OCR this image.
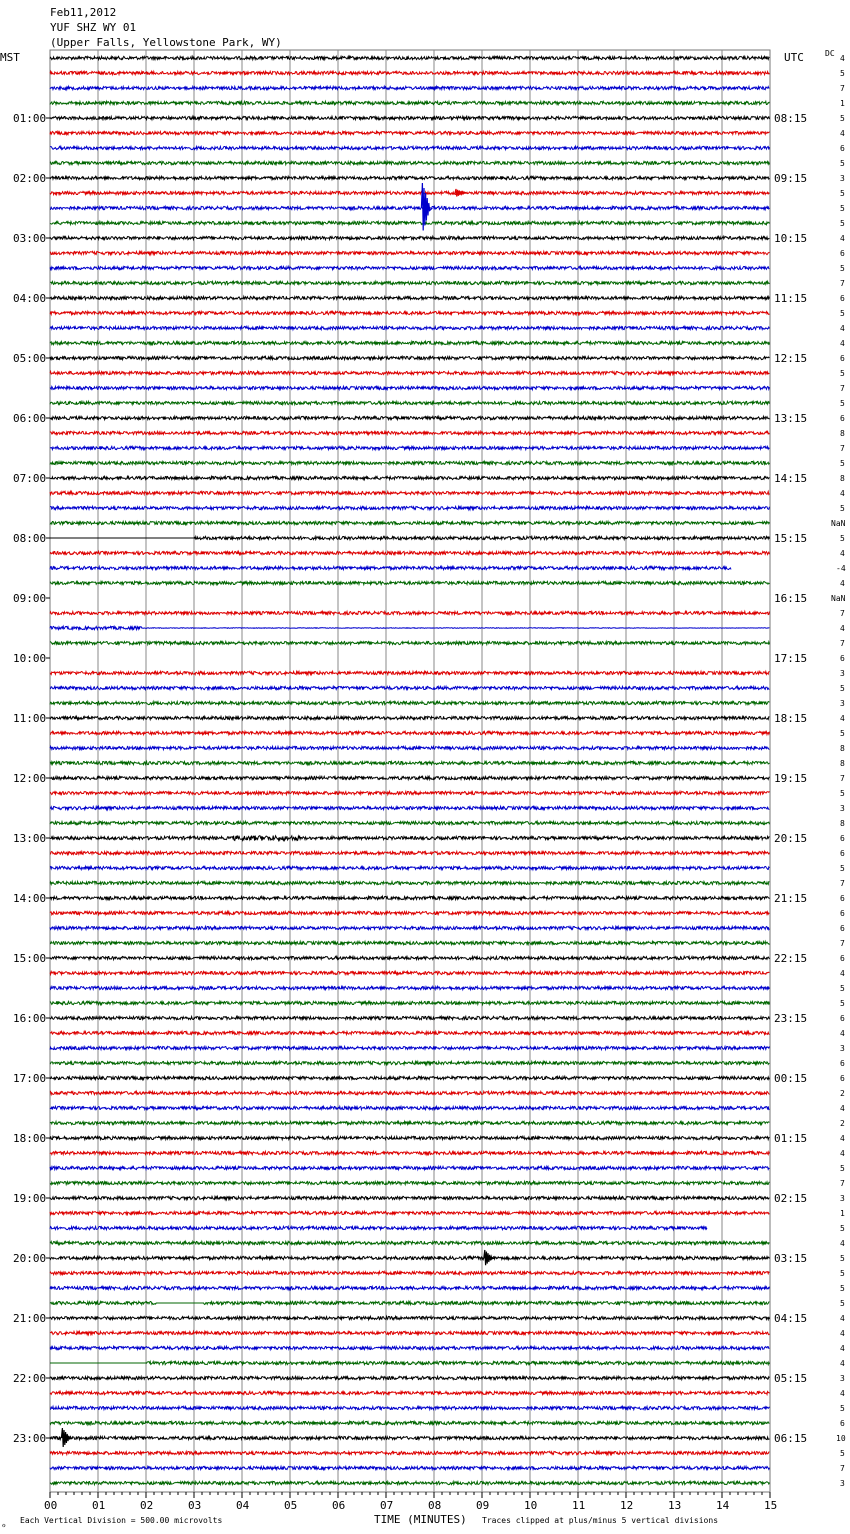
Feb11,2012
YUF SHZ WY 01
(Upper Falls, Yellowstone Park, WY)
MST	UTC	DC
01:00
02:00
03:00
04:00
05:00
06:00
07:00
08:00
09:00
10:00
11:00
12:00
13:00
14:00
15:00
16:00
17:00
18:00
19:00
20:00
21:00
22:00
23:00
08:15
09:15
10:15
11:15
12:15
13:15
14:15
15:15
16:15
17:15
18:15
19:15
20:15
21:15
22:15
23:15
00:15
01:15
02:15
03:15
04:15
05:15
06:15
4
5
7
1
5
4
6
5
3
5
5
5
4
6
5
7
6
5
4
4
6
5
7
5
6
8
7
5
8
4
5
NaN
5
4
-4
4
NaN
7
4
7
6
3
5
3
4
5
8
8
7
5
3
8
6
6
5
7
6
6
6
7
6
4
5
5
6
4
3
6
6
2
4
2
4
4
5
7
3
1
5
4
5
5
5
5
4
4
4
4
3
4
5
6
10
5
7
3
00	01	02	03	04	05	06	07	08	09	10	11	12	13	14	15
TIME (MINUTES)
ℴ Each Vertical Division = 500.00 microvolts	Traces clipped at plus/minus 5 vertical divisions
